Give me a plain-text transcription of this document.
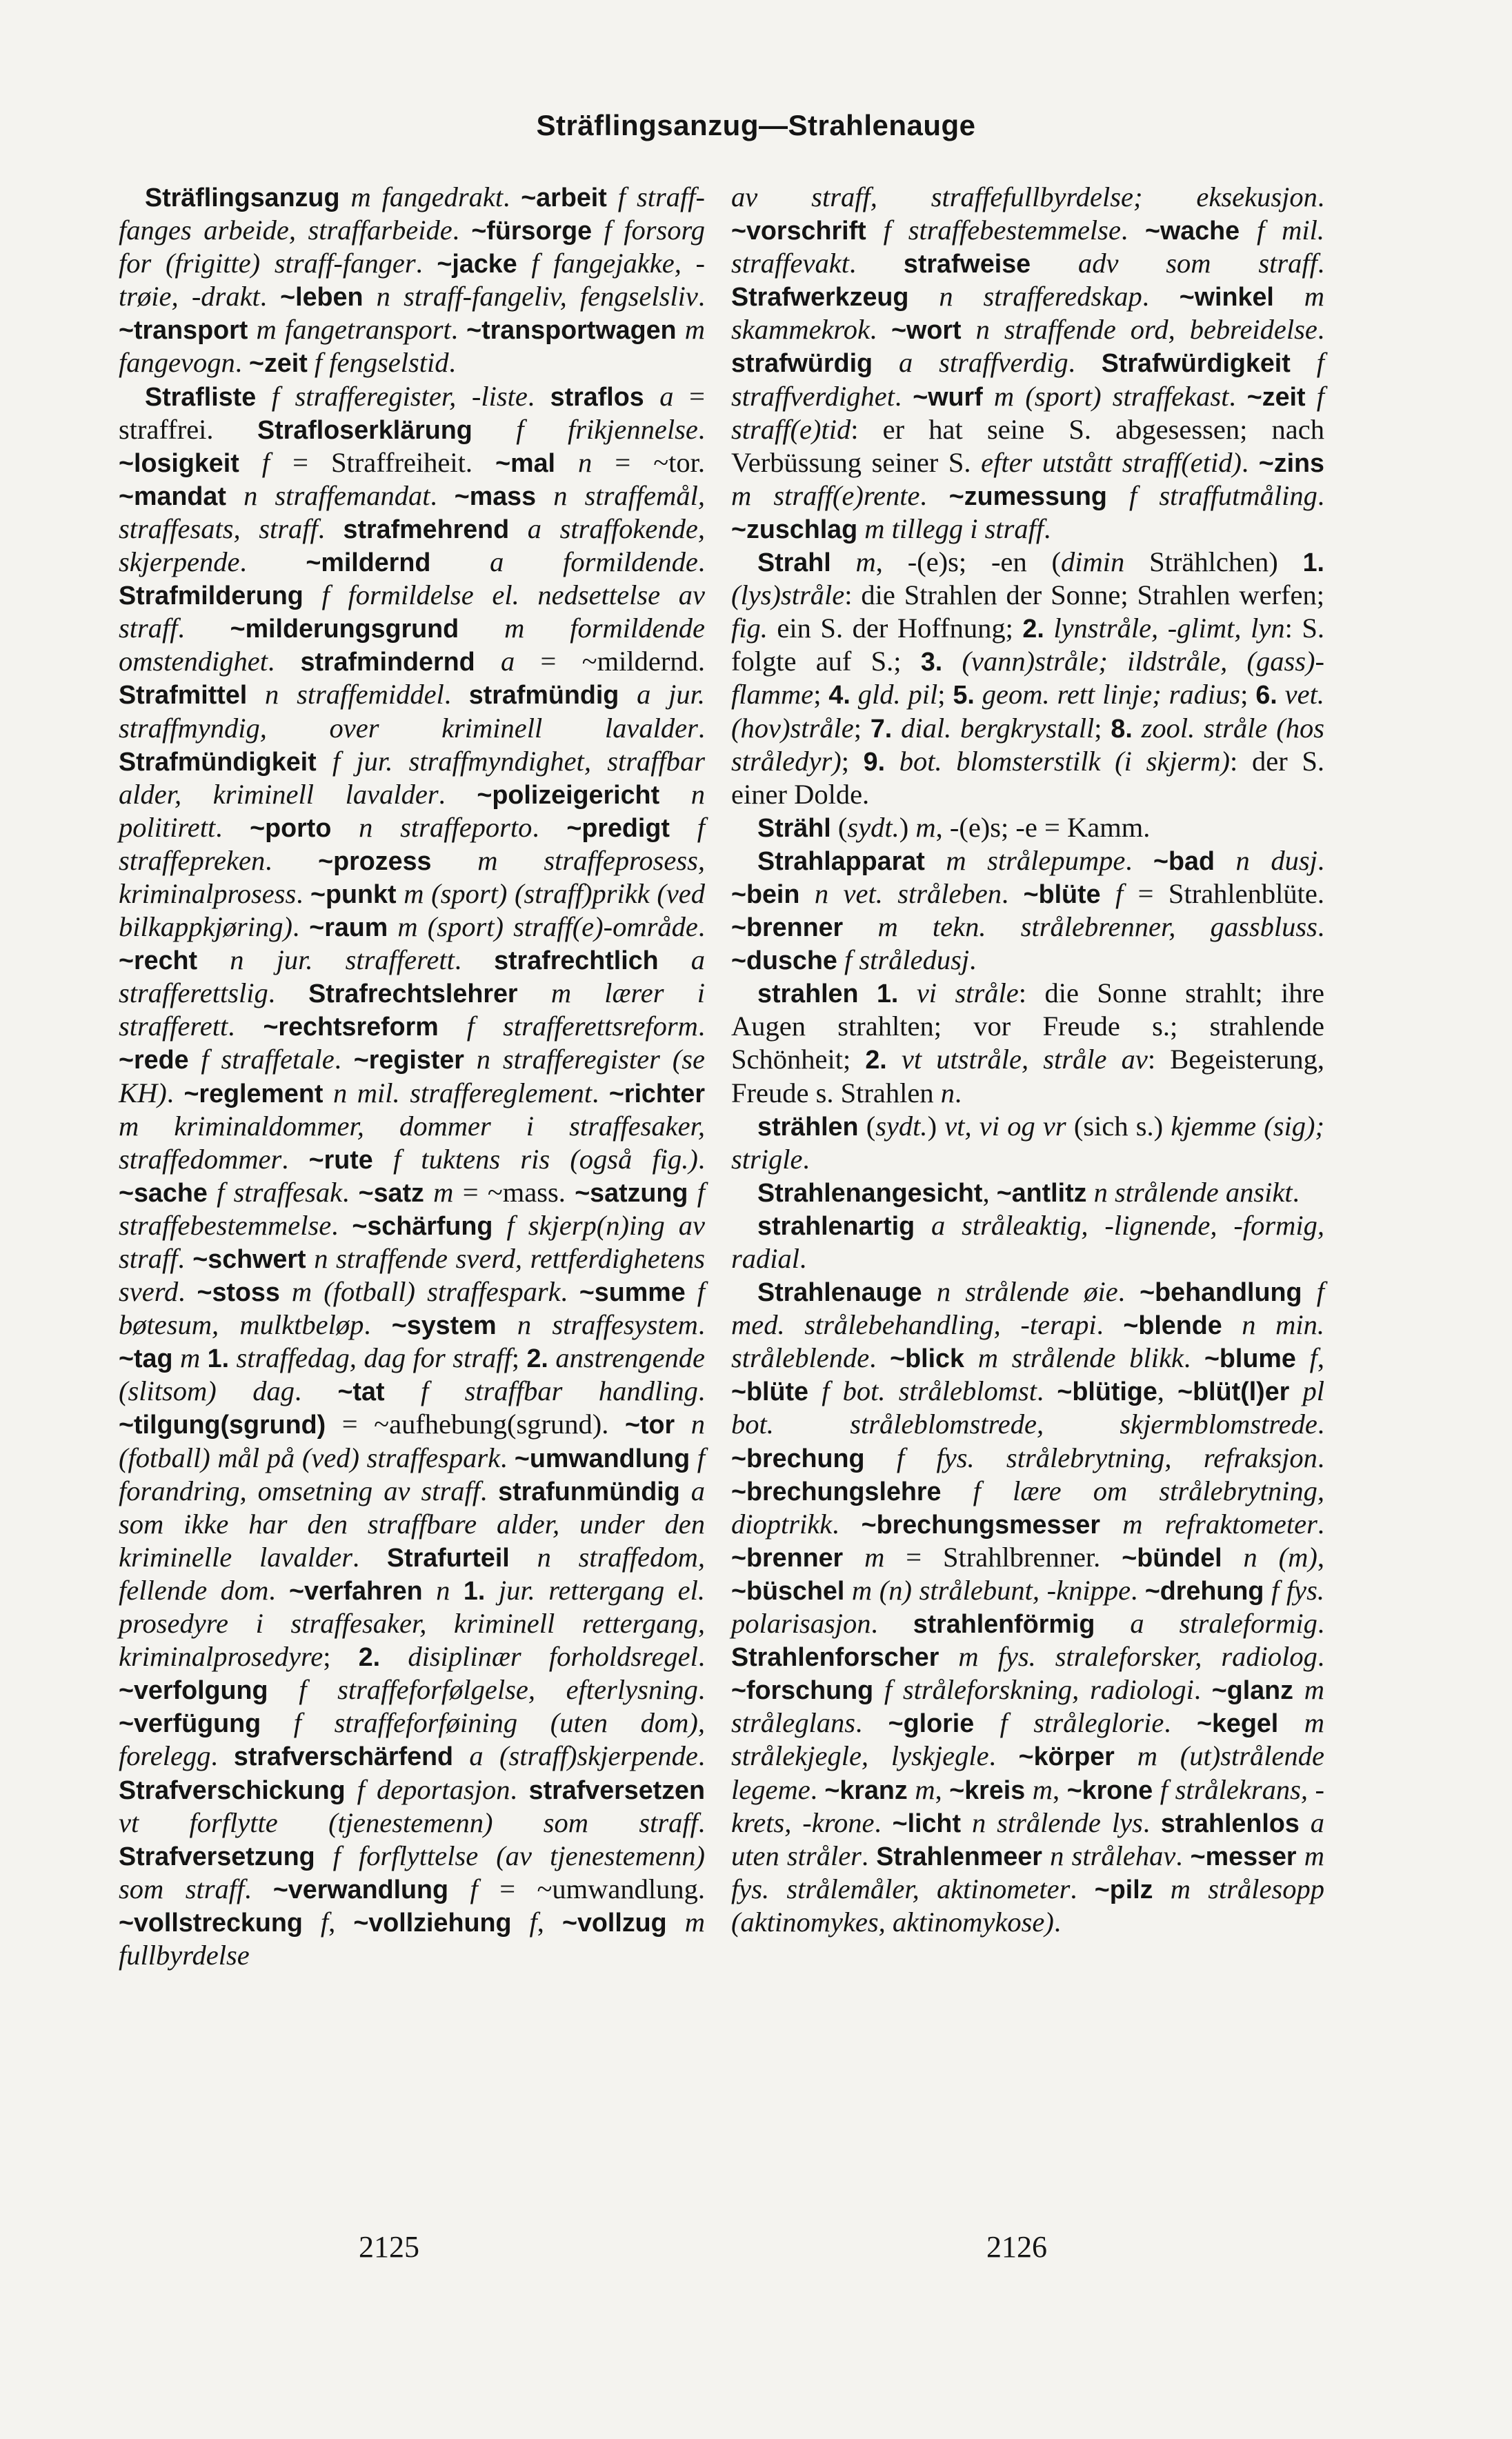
Sträflingsanzug—Strahlenauge

Sträflingsanzug m fangedrakt. ~arbeit f straff-fanges arbeide, straffarbeide. ~fürsorge f forsorg for (frigitte) straff-fanger. ~jacke f fangejakke, -trøie, -drakt. ~leben n straff-fangeliv, fengselsliv. ~transport m fangetransport. ~transportwagen m fangevogn. ~zeit f fengselstid.

Strafliste f strafferegister, -liste. straflos a = straffrei. Strafloserklärung f frikjennelse. ~losigkeit f = Straffreiheit. ~mal n = ~tor. ~mandat n straffemandat. ~mass n straffemål, straffesats, straff. strafmehrend a straffokende, skjerpende. ~mildernd a formildende. Strafmilderung f formildelse el. nedsettelse av straff. ~milderungsgrund m formildende omstendighet. strafmindernd a = ~mildernd. Strafmittel n straffemiddel. strafmündig a jur. straffmyndig, over kriminell lavalder. Strafmündigkeit f jur. straffmyndighet, straffbar alder, kriminell lavalder. ~polizeigericht n politirett. ~porto n straffeporto. ~predigt f straffepreken. ~prozess m straffeprosess, kriminalprosess. ~punkt m (sport) (straff)prikk (ved bilkappkjøring). ~raum m (sport) straff(e)-område. ~recht n jur. strafferett. strafrechtlich a strafferettslig. Strafrechtslehrer m lærer i strafferett. ~rechtsreform f strafferettsreform. ~rede f straffetale. ~register n strafferegister (se KH). ~reglement n mil. straffereglement. ~richter m kriminaldommer, dommer i straffesaker, straffedommer. ~rute f tuktens ris (også fig.). ~sache f straffesak. ~satz m = ~mass. ~satzung f straffebestemmelse. ~schärfung f skjerp(n)ing av straff. ~schwert n straffende sverd, rettferdighetens sverd. ~stoss m (fotball) straffespark. ~summe f bøtesum, mulktbeløp. ~system n straffesystem. ~tag m 1. straffedag, dag for straff; 2. anstrengende (slitsom) dag. ~tat f straffbar handling. ~tilgung(sgrund) = ~aufhebung(sgrund). ~tor n (fotball) mål på (ved) straffespark. ~umwandlung f forandring, omsetning av straff. strafunmündig a som ikke har den straffbare alder, under den kriminelle lavalder. Strafurteil n straffedom, fellende dom. ~verfahren n 1. jur. rettergang el. prosedyre i straffesaker, kriminell rettergang, kriminalprosedyre; 2. disiplinær forholdsregel. ~verfolgung f straffeforfølgelse, efterlysning. ~verfügung f straffeforføining (uten dom), forelegg. strafverschärfend a (straff)skjerpende. Strafverschickung f deportasjon. strafversetzen vt forflytte (tjenestemenn) som straff. Strafversetzung f forflyttelse (av tjenestemenn) som straff. ~verwandlung f = ~umwandlung. ~vollstreckung f, ~vollziehung f, ~vollzug m fullbyrdelse

av straff, straffefullbyrdelse; eksekusjon. ~vorschrift f straffebestemmelse. ~wache f mil. straffevakt. strafweise adv som straff. Strafwerkzeug n strafferedskap. ~winkel m skammekrok. ~wort n straffende ord, bebreidelse. strafwürdig a straffverdig. Strafwürdigkeit f straffverdighet. ~wurf m (sport) straffekast. ~zeit f straff(e)tid: er hat seine S. abgesessen; nach Verbüssung seiner S. efter utstått straff(etid). ~zins m straff(e)rente. ~zumessung f straffutmåling. ~zuschlag m tillegg i straff.

Strahl m, -(e)s; -en (dimin Strählchen) 1. (lys)stråle: die Strahlen der Sonne; Strahlen werfen; fig. ein S. der Hoffnung; 2. lynstråle, -glimt, lyn: S. folgte auf S.; 3. (vann)stråle; ildstråle, (gass)-flamme; 4. gld. pil; 5. geom. rett linje; radius; 6. vet. (hov)stråle; 7. dial. bergkrystall; 8. zool. stråle (hos stråledyr); 9. bot. blomsterstilk (i skjerm): der S. einer Dolde.

Strähl (sydt.) m, -(e)s; -e = Kamm.

Strahlapparat m strålepumpe. ~bad n dusj. ~bein n vet. stråleben. ~blüte f = Strahlenblüte. ~brenner m tekn. strålebrenner, gassbluss. ~dusche f stråledusj.

strahlen 1. vi stråle: die Sonne strahlt; ihre Augen strahlten; vor Freude s.; strahlende Schönheit; 2. vt utstråle, stråle av: Begeisterung, Freude s. Strahlen n.

strählen (sydt.) vt, vi og vr (sich s.) kjemme (sig); strigle.

Strahlenangesicht, ~antlitz n strålende ansikt.

strahlenartig a stråleaktig, -lignende, -formig, radial.

Strahlenauge n strålende øie. ~behandlung f med. strålebehandling, -terapi. ~blende n min. stråleblende. ~blick m strålende blikk. ~blume f, ~blüte f bot. stråleblomst. ~blütige, ~blüt(l)er pl bot. stråleblomstrede, skjermblomstrede. ~brechung f fys. strålebrytning, refraksjon. ~brechungslehre f lære om strålebrytning, dioptrikk. ~brechungsmesser m refraktometer. ~brenner m = Strahlbrenner. ~bündel n (m), ~büschel m (n) strålebunt, -knippe. ~drehung f fys. polarisasjon. strahlenförmig a straleformig. Strahlenforscher m fys. straleforsker, radiolog. ~forschung f stråleforskning, radiologi. ~glanz m stråleglans. ~glorie f stråleglorie. ~kegel m strålekjegle, lyskjegle. ~körper m (ut)strålende legeme. ~kranz m, ~kreis m, ~krone f strålekrans, -krets, -krone. ~licht n strålende lys. strahlenlos a uten stråler. Strahlenmeer n strålehav. ~messer m fys. strålemåler, aktinometer. ~pilz m strålesopp (aktinomykes, aktinomykose).

2125	2126
